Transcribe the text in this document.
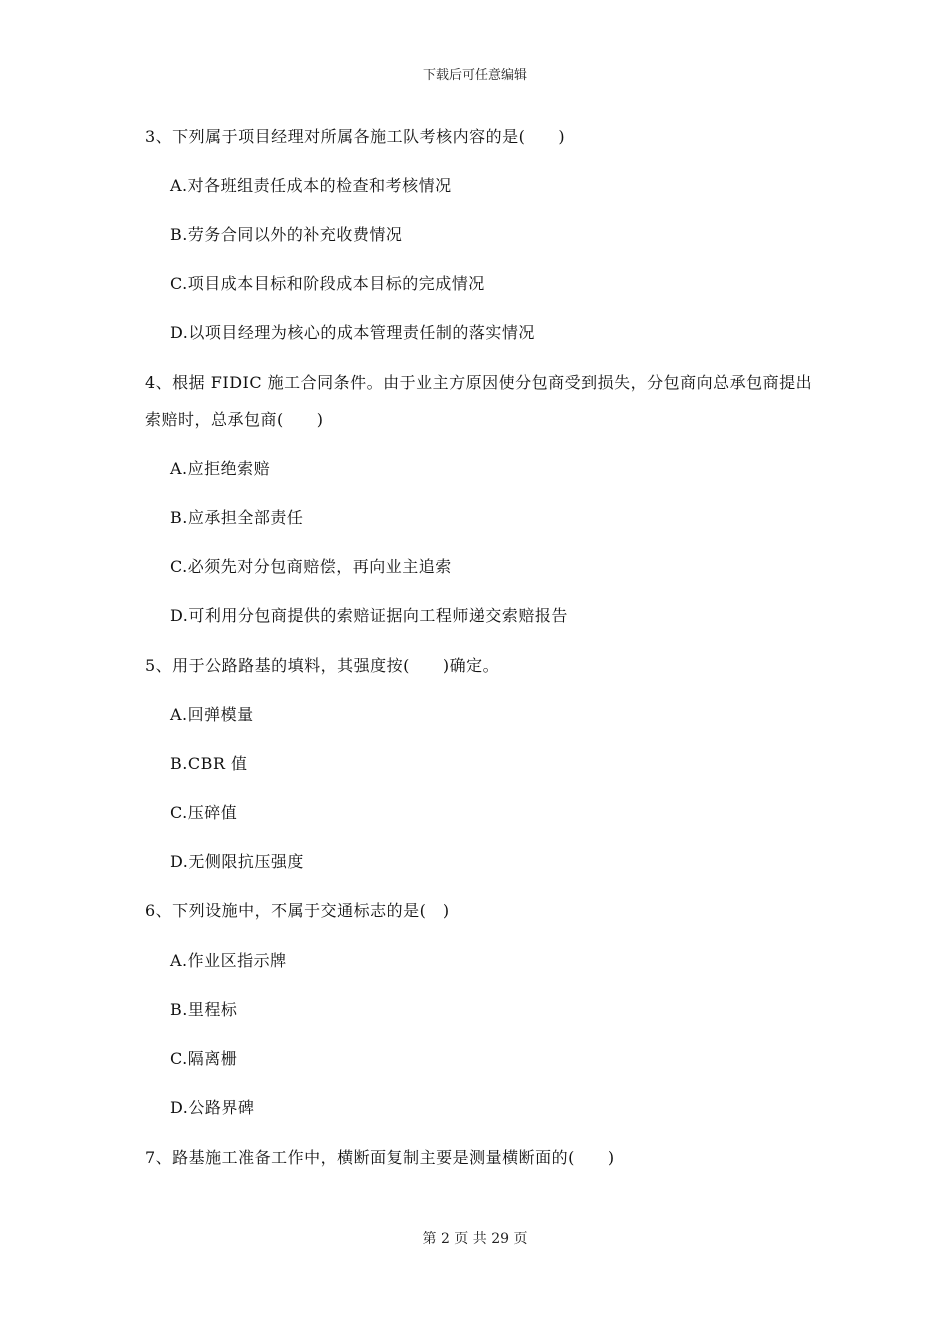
下载后可任意编辑
3、下列属于项目经理对所属各施工队考核内容的是(　　)
A.对各班组责任成本的检查和考核情况
B.劳务合同以外的补充收费情况
C.项目成本目标和阶段成本目标的完成情况
D.以项目经理为核心的成本管理责任制的落实情况
4、根据 FIDIC 施工合同条件。由于业主方原因使分包商受到损失，分包商向总承包商提出
索赔时，总承包商(　　)
A.应拒绝索赔
B.应承担全部责任
C.必须先对分包商赔偿，再向业主追索
D.可利用分包商提供的索赔证据向工程师递交索赔报告
5、用于公路路基的填料，其强度按(　　)确定。
A.回弹模量
B.CBR 值
C.压碎值
D.无侧限抗压强度
6、下列设施中，不属于交通标志的是(　)
A.作业区指示牌
B.里程标
C.隔离栅
D.公路界碑
7、路基施工准备工作中，横断面复制主要是测量横断面的(　　)
第 2 页 共 29 页
